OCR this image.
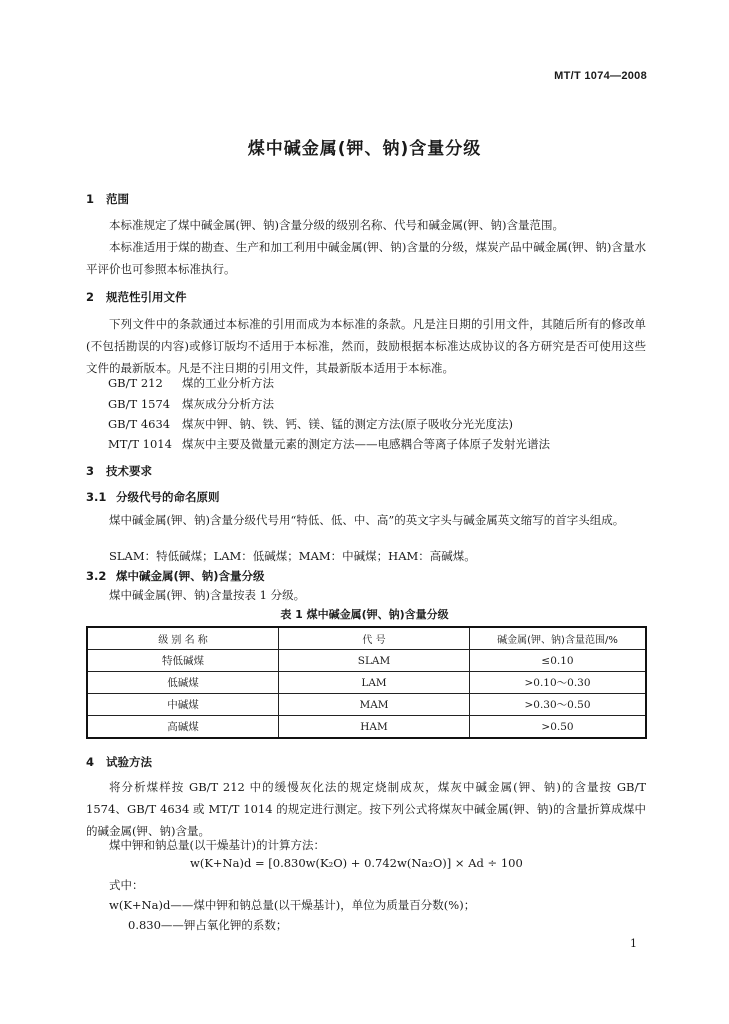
MT/T 1074—2008
煤中碱金属(钾、钠)含量分级
1 范围
本标准规定了煤中碱金属(钾、钠)含量分级的级别名称、代号和碱金属(钾、钠)含量范围。
本标准适用于煤的勘查、生产和加工利用中碱金属(钾、钠)含量的分级，煤炭产品中碱金属(钾、钠)含量水平评价也可参照本标准执行。
2 规范性引用文件
下列文件中的条款通过本标准的引用而成为本标准的条款。凡是注日期的引用文件，其随后所有的修改单(不包括勘误的内容)或修订版均不适用于本标准，然而，鼓励根据本标准达成协议的各方研究是否可使用这些文件的最新版本。凡是不注日期的引用文件，其最新版本适用于本标准。
GB/T 212 煤的工业分析方法
GB/T 1574 煤灰成分分析方法
GB/T 4634 煤灰中钾、钠、铁、钙、镁、锰的测定方法(原子吸收分光光度法)
MT/T 1014 煤灰中主要及微量元素的测定方法——电感耦合等离子体原子发射光谱法
3 技术要求
3.1 分级代号的命名原则
煤中碱金属(钾、钠)含量分级代号用“特低、低、中、高”的英文字头与碱金属英文缩写的首字头组成。
SLAM：特低碱煤；LAM：低碱煤；MAM：中碱煤；HAM：高碱煤。
3.2 煤中碱金属(钾、钠)含量分级
煤中碱金属(钾、钠)含量按表 1 分级。
表 1 煤中碱金属(钾、钠)含量分级
级 别 名 称	代 号	碱金属(钾、钠)含量范围/%
特低碱煤	SLAM	≤0.10
低碱煤	LAM	>0.10～0.30
中碱煤	MAM	>0.30～0.50
高碱煤	HAM	>0.50
4 试验方法
将分析煤样按 GB/T 212 中的缓慢灰化法的规定烧制成灰，煤灰中碱金属(钾、钠)的含量按 GB/T 1574、GB/T 4634 或 MT/T 1014 的规定进行测定。按下列公式将煤灰中碱金属(钾、钠)的含量折算成煤中的碱金属(钾、钠)含量。
煤中钾和钠总量(以干燥基计)的计算方法：
w(K+Na)d = [0.830w(K₂O) + 0.742w(Na₂O)] × Ad ÷ 100
式中：
w(K+Na)d——煤中钾和钠总量(以干燥基计)，单位为质量百分数(%)；
0.830——钾占氧化钾的系数；
1
